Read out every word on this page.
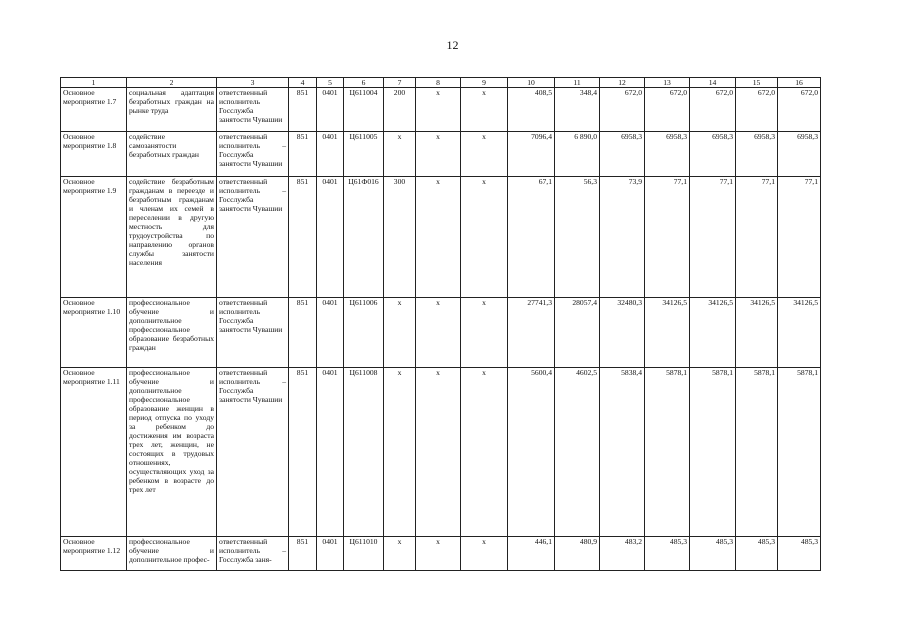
12
1	2	3	4	5	6	7	8	9	10	11	12	13	14	15	16
Основное мероприятие 1.7	социальная адаптация безработных граждан на рынке труда	ответственный исполнитель Госслужба занятости Чувашии	851	0401	Ц611004	200	x	x	408,5	348,4	672,0	672,0	672,0	672,0	672,0
Основное мероприятие 1.8	содействие самозанятости безработных граждан	ответственный исполнитель – Госслужба занятости Чувашии	851	0401	Ц611005	x	x	x	7096,4	6 890,0	6958,3	6958,3	6958,3	6958,3	6958,3
Основное мероприятие 1.9	содействие безработным гражданам в переезде и безработным гражданам и членам их семей в переселении в другую местность для трудоустройства по направлению органов службы занятости населения	ответственный исполнитель – Госслужба занятости Чувашии	851	0401	Ц61Ф016	300	x	x	67,1	56,3	73,9	77,1	77,1	77,1	77,1
Основное мероприятие 1.10	профессиональное обучение и дополнительное профессиональное образование безработных граждан	ответственный исполнитель Госслужба занятости Чувашии	851	0401	Ц611006	x	x	x	27741,3	28057,4	32480,3	34126,5	34126,5	34126,5	34126,5
Основное мероприятие 1.11	профессиональное обучение и дополнительное профессиональное образование женщин в период отпуска по уходу за ребенком до достижения им возраста трех лет, женщин, не состоящих в трудовых отношениях, осуществляющих уход за ребенком в возрасте до трех лет	ответственный исполнитель – Госслужба занятости Чувашии	851	0401	Ц611008	x	x	x	5600,4	4602,5	5838,4	5878,1	5878,1	5878,1	5878,1
Основное мероприятие 1.12	профессиональное обучение и дополнительное профес-	ответственный исполнитель – Госслужба заня-	851	0401	Ц611010	x	x	x	446,1	480,9	483,2	485,3	485,3	485,3	485,3
